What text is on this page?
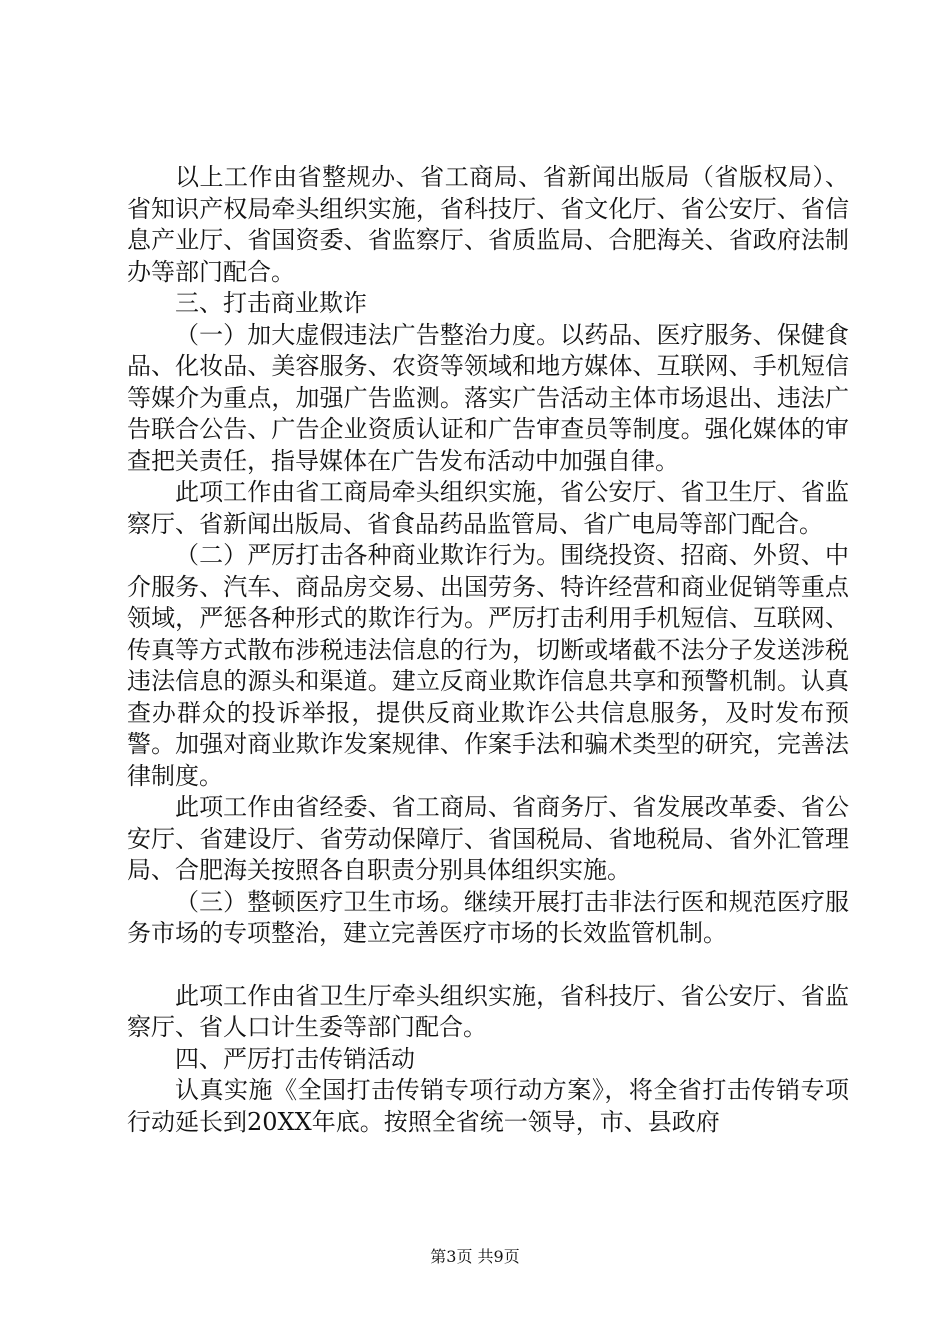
以上工作由省整规办、省工商局、省新闻出版局（省版权局）、省知识产权局牵头组织实施，省科技厅、省文化厅、省公安厅、省信息产业厅、省国资委、省监察厅、省质监局、合肥海关、省政府法制办等部门配合。

三、打击商业欺诈

（一）加大虚假违法广告整治力度。以药品、医疗服务、保健食品、化妆品、美容服务、农资等领域和地方媒体、互联网、手机短信等媒介为重点，加强广告监测。落实广告活动主体市场退出、违法广告联合公告、广告企业资质认证和广告审查员等制度。强化媒体的审查把关责任，指导媒体在广告发布活动中加强自律。

此项工作由省工商局牵头组织实施，省公安厅、省卫生厅、省监察厅、省新闻出版局、省食品药品监管局、省广电局等部门配合。

（二）严厉打击各种商业欺诈行为。围绕投资、招商、外贸、中介服务、汽车、商品房交易、出国劳务、特许经营和商业促销等重点领域，严惩各种形式的欺诈行为。严厉打击利用手机短信、互联网、传真等方式散布涉税违法信息的行为，切断或堵截不法分子发送涉税违法信息的源头和渠道。建立反商业欺诈信息共享和预警机制。认真查办群众的投诉举报，提供反商业欺诈公共信息服务，及时发布预警。加强对商业欺诈发案规律、作案手法和骗术类型的研究，完善法律制度。

此项工作由省经委、省工商局、省商务厅、省发展改革委、省公安厅、省建设厅、省劳动保障厅、省国税局、省地税局、省外汇管理局、合肥海关按照各自职责分别具体组织实施。

（三）整顿医疗卫生市场。继续开展打击非法行医和规范医疗服务市场的专项整治，建立完善医疗市场的长效监管机制。

此项工作由省卫生厅牵头组织实施，省科技厅、省公安厅、省监察厅、省人口计生委等部门配合。

四、严厉打击传销活动

认真实施《全国打击传销专项行动方案》，将全省打击传销专项行动延长到20XX年底。按照全省统一领导，市、县政府

第3页 共9页
